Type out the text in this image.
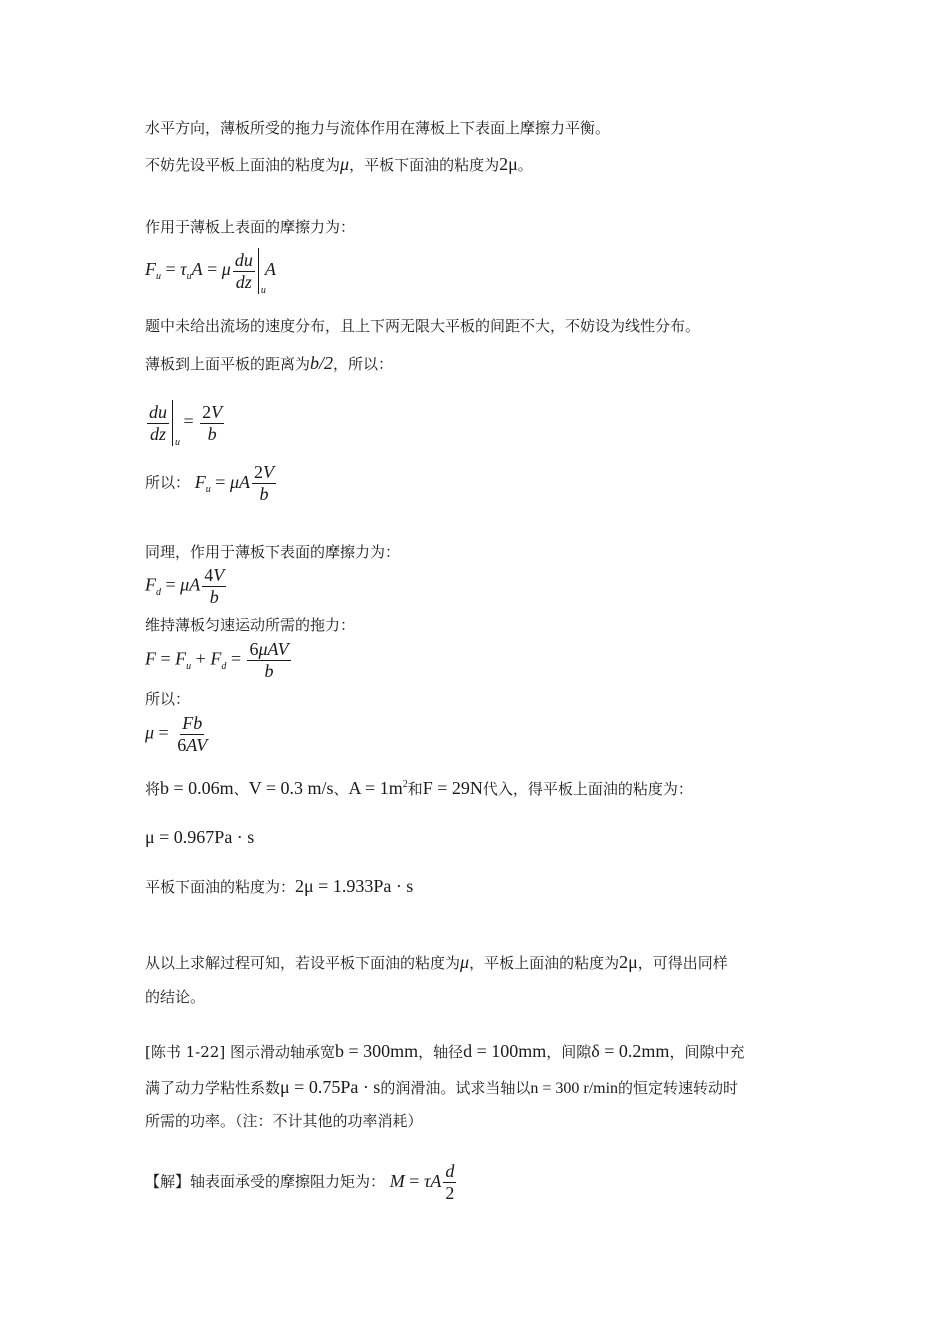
水平方向，薄板所受的拖力与流体作用在薄板上下表面上摩擦力平衡。
不妨先设平板上面油的粘度为μ，平板下面油的粘度为2μ。
作用于薄板上表面的摩擦力为：
$F_u = \tau_uA = \mu \frac{du}{dz}$ u
A
题中未给出流场的速度分布，且上下两无限大平板的间距不大，不妨设为线性分布。
薄板到上面平板的距离为b/2，所以：
$\frac{du}{dz}$ u
= $\frac{2V}{b}$
所以： $F_u = \mu A \frac{2V}{b}$
同理，作用于薄板下表面的摩擦力为：
$F_d = \mu A \frac{4V}{b}$
维持薄板匀速运动所需的拖力：
$F = F_u + F_d = \frac{\text{6μAV}}{b}$
所以：
$\mu = \frac{Fb}{6AV}$
将b = 0.06m、V = 0.3 m/s、$A = 1m^2$和F = 29N代入，得平板上面油的粘度为：
μ = 0.967Pa · s
平板下面油的粘度为：2μ = 1.933Pa · s
从以上求解过程可知，若设平板下面油的粘度为μ，平板上面油的粘度为2μ，可得出同样
的结论。
[陈书 1-22] 图示滑动轴承宽b = 300mm，轴径d = 100mm，间隙δ = 0.2mm，间隙中充
满了动力学粘性系数μ = 0.75Pa · s的润滑油。试求当轴以n = 300 r/min的恒定转速转动时
所需的功率。（注：不计其他的功率消耗）
【解】轴表面承受的摩擦阻力矩为： M = τA $\frac{d}{2}$
